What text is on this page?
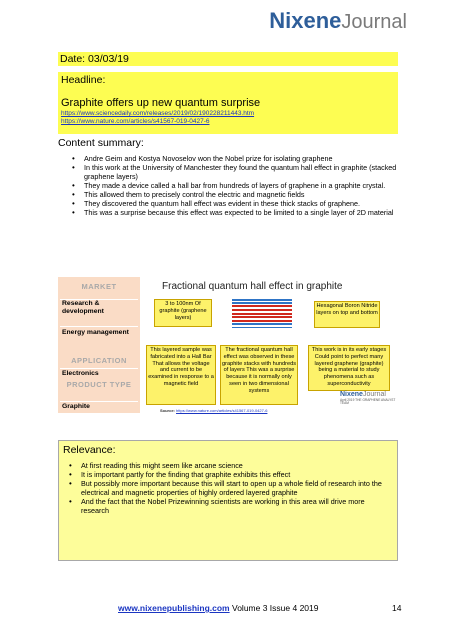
NixeneJournal
Date: 03/03/19
Headline:
Graphite offers up new quantum surprise
https://www.sciencedaily.com/releases/2019/02/190228211443.htm
https://www.nature.com/articles/s41567-019-0427-6
Content summary:
• Andre Geim and Kostya Novoselov won the Nobel prize for isolating graphene
• In this work at the University of Manchester they found the quantum hall effect in graphite (stacked graphene layers)
• They made a device called a hall bar from hundreds of layers of graphene in a graphite crystal.
• This allowed them to precisely control the electric and magnetic fields
• They discovered the quantum hall effect was evident in these thick stacks of graphene.
• This was a surprise because this effect was expected to be limited to a single layer of 2D material
MARKET
Research & development
Energy management
APPLICATION
Electronics
PRODUCT TYPE
Graphite
Fractional quantum hall effect in graphite
3 to 100nm Of graphite (graphene layers)
Hexagonal Boron Nitride layers on top and bottom
This layered sample was fabricated into a Hall Bar That allows the voltage and current to be examined in response to a magnetic field
The fractional quantum hall effect was observed in these graphite stacks with hundreds of layers This was a surprise because it is normally only seen in two dimensional systems
This work is in its early stages Could point to perfect many layered graphene (graphite) being a material to study phenomena such as superconductivity
NixeneJournal
April 2019 THE GRAPHENE ANALYST TEAM
Source: https://www.nature.com/articles/s41567-019-0427-6
Relevance:
• At first reading this might seem like arcane science
• It is important partly for the finding that graphite exhibits this effect
• But possibly more important because this will start to open up a whole field of research into the electrical and magnetic properties of highly ordered layered graphite
• And the fact that the Nobel Prizewinning scientists are working in this area will drive more research
www.nixenepublishing.com Volume 3 Issue 4 2019	14
